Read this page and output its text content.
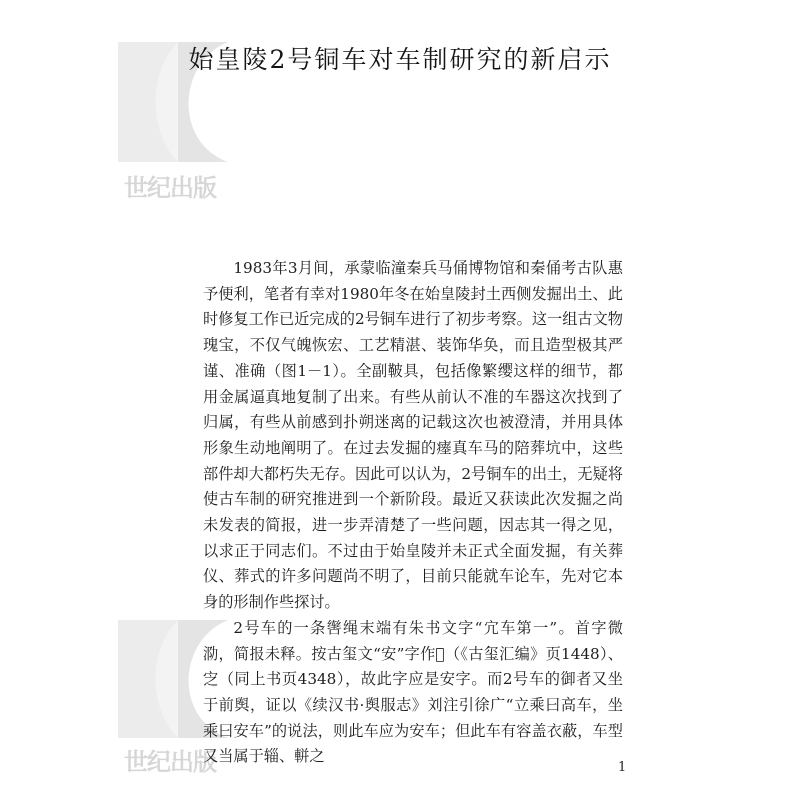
世纪出版
世纪出版
始皇陵2号铜车对车制研究的新启示

1983年3月间，承蒙临潼秦兵马俑博物馆和秦俑考古队惠予便利，笔者有幸对1980年冬在始皇陵封土西侧发掘出土、此时修复工作已近完成的2号铜车进行了初步考察。这一组古文物瑰宝，不仅气魄恢宏、工艺精湛、装饰华奂，而且造型极其严谨、准确（图1－1）。全副鞁具，包括像繁缨这样的细节，都用金属逼真地复制了出来。有些从前认不准的车器这次找到了归属，有些从前感到扑朔迷离的记载这次也被澄清，并用具体形象生动地阐明了。在过去发掘的瘗真车马的陪葬坑中，这些部件却大都朽失无存。因此可以认为，2号铜车的出土，无疑将使古车制的研究推进到一个新阶段。最近又获读此次发掘之尚未发表的简报，进一步弄清楚了一些问题，因志其一得之见，以求正于同志们。不过由于始皇陵并未正式全面发掘，有关葬仪、葬式的许多问题尚不明了，目前只能就车论车，先对它本身的形制作些探讨。

2号车的一条辔绳末端有朱书文字“宂车第一”。首字微泐，简报未释。按古玺文“安”字作𡧊（《古玺汇编》页1448）、㝎（同上书页4348），故此字应是安字。而2号车的御者又坐于前舆，证以《续汉书·舆服志》刘注引徐广“立乘曰高车，坐乘曰安车”的说法，则此车应为安车；但此车有容盖衣蔽，车型又当属于辎、軿之

1
